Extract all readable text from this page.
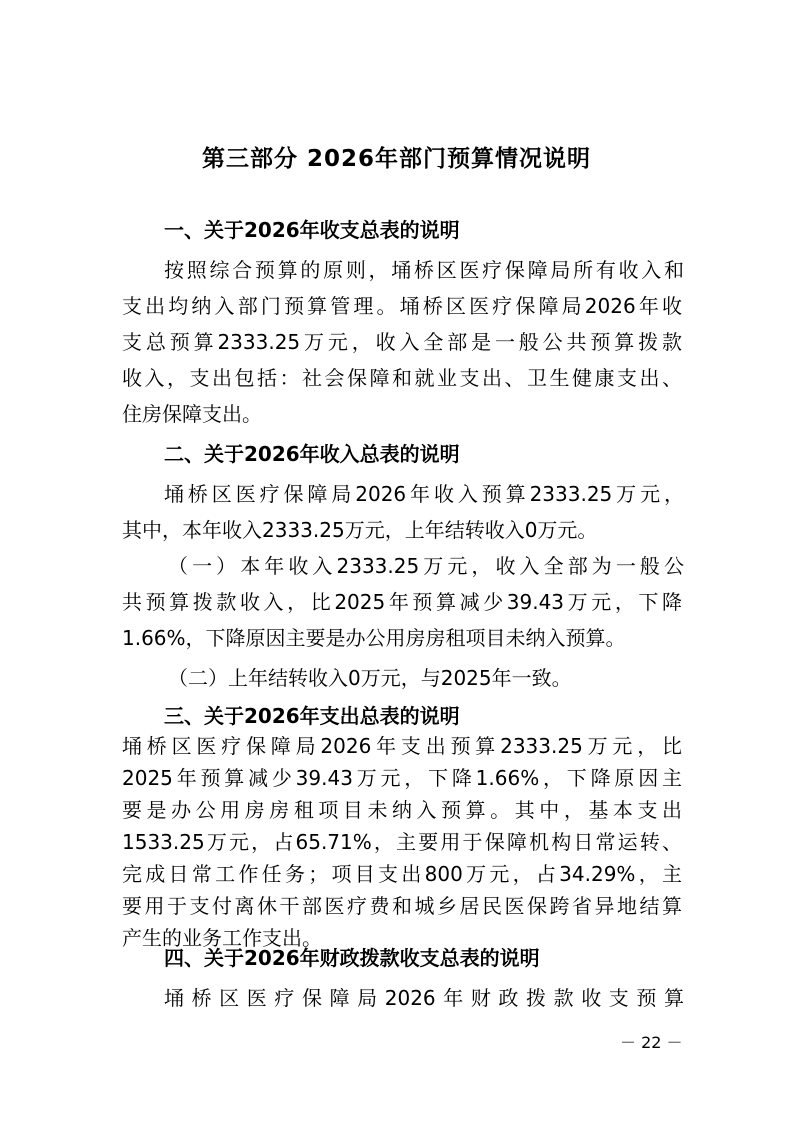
第三部分 2026年部门预算情况说明

一、关于2026年收支总表的说明

按照综合预算的原则，埇桥区医疗保障局所有收入和

支出均纳入部门预算管理。埇桥区医疗保障局2026年收

支总预算2333.25万元，收入全部是一般公共预算拨款

收入，支出包括：社会保障和就业支出、卫生健康支出、

住房保障支出。

二、关于2026年收入总表的说明

埇桥区医疗保障局2026年收入预算2333.25万元，

其中，本年收入2333.25万元，上年结转收入0万元。

（一）本年收入2333.25万元，收入全部为一般公

共预算拨款收入，比2025年预算减少39.43万元，下降

1.66%，下降原因主要是办公用房房租项目未纳入预算。

（二）上年结转收入0万元，与2025年一致。

三、关于2026年支出总表的说明

埇桥区医疗保障局2026年支出预算2333.25万元，比

2025年预算减少39.43万元，下降1.66%，下降原因主

要是办公用房房租项目未纳入预算。其中，基本支出

1533.25万元，占65.71%，主要用于保障机构日常运转、

完成日常工作任务；项目支出800万元，占34.29%，主

要用于支付离休干部医疗费和城乡居民医保跨省异地结算

产生的业务工作支出。

四、关于2026年财政拨款收支总表的说明

埇桥区医疗保障局2026年财政拨款收支预算

－ 22 －
